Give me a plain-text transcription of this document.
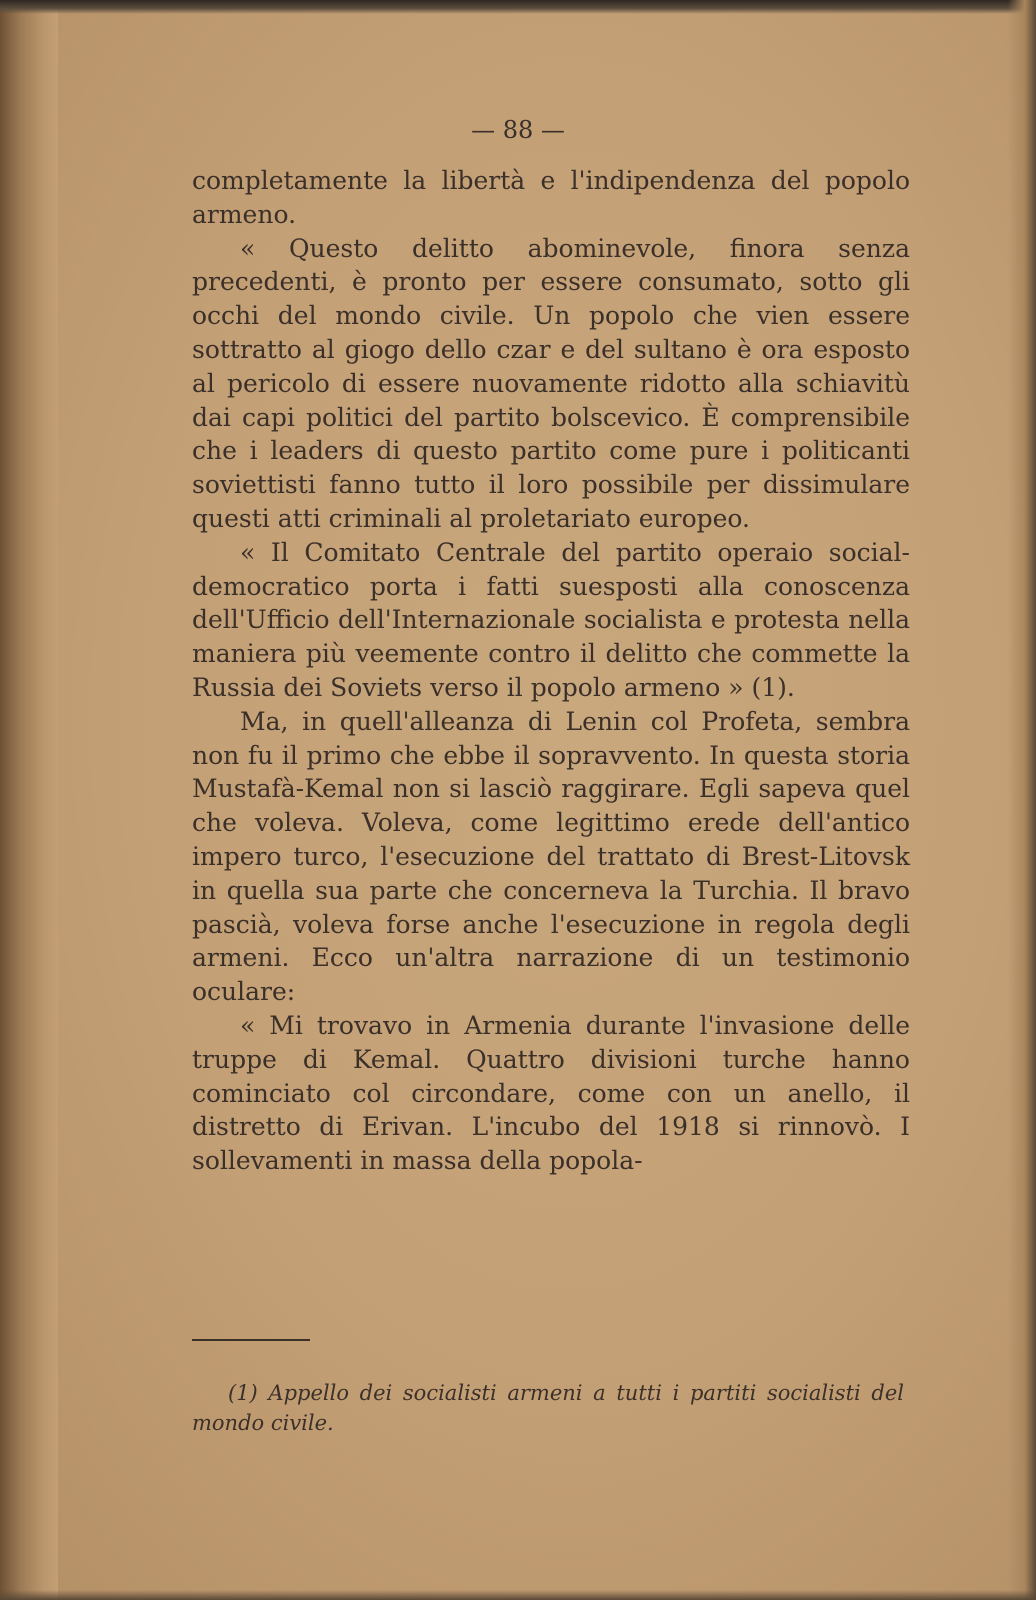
— 88 —

completamente la libertà e l'indipendenza del popolo armeno.

« Questo delitto abominevole, finora senza precedenti, è pronto per essere consumato, sotto gli occhi del mondo civile. Un popolo che vien essere sottratto al giogo dello czar e del sultano è ora esposto al pericolo di essere nuovamente ridotto alla schiavitù dai capi politici del partito bolscevico. È comprensibile che i leaders di questo partito come pure i politicanti soviettisti fanno tutto il loro possibile per dissimulare questi atti criminali al proletariato europeo.

« Il Comitato Centrale del partito operaio social-democratico porta i fatti suesposti alla conoscenza dell'Ufficio dell'Internazionale socialista e protesta nella maniera più veemente contro il delitto che commette la Russia dei Soviets verso il popolo armeno » (1).

Ma, in quell'alleanza di Lenin col Profeta, sembra non fu il primo che ebbe il sopravvento. In questa storia Mustafà-Kemal non si lasciò raggirare. Egli sapeva quel che voleva. Voleva, come legittimo erede dell'antico impero turco, l'esecuzione del trattato di Brest-Litovsk in quella sua parte che concerneva la Turchia. Il bravo pascià, voleva forse anche l'esecuzione in regola degli armeni. Ecco un'altra narrazione di un testimonio oculare:

« Mi trovavo in Armenia durante l'invasione delle truppe di Kemal. Quattro divisioni turche hanno cominciato col circondare, come con un anello, il distretto di Erivan. L'incubo del 1918 si rinnovò. I sollevamenti in massa della popola-

(1) Appello dei socialisti armeni a tutti i partiti socialisti del mondo civile.
